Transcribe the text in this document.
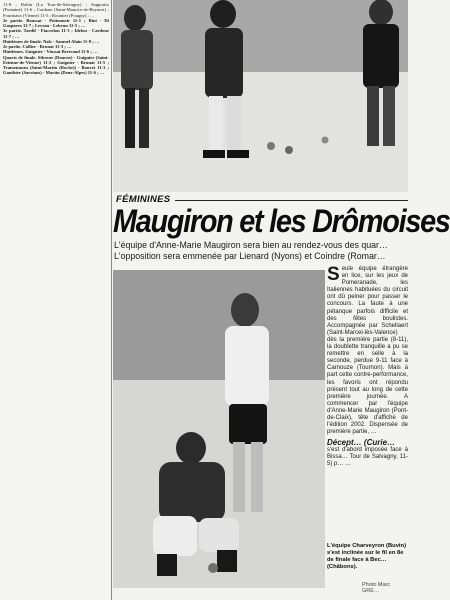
11-8 ; Robin (La Tour-de-Salvagny) ; Sapporito (Fontaine) 11-6 ; Cardone (Saint-Maurice-de-Beynost) ; Fourmaux (Vienne) 11-5 ; Roumier (Pougny) ; …

2e partie. Boussat - Poitouneir 11-1 ; Bini - Di Gasparro 11-7 ; Leveau - Lebrun 11-5 ; …

3e partie. Tardif - Fiacrolon 11-3 ; Idelon - Cardone 11-7 ; …

Huitièmes de finale. Nals - Samuel Alain 11-8 ; …

2e partie. Collier - Brunat 11-3 ; …

Huitièmes. Guignier - Viossat Bertrand 11-6 ; …

Quarts de finale. Sibrone (Dourne) - Guignier (Saint-Etienne-de-Vienne) 11-2 ; Guignier - Brunat 11-5 ; Tramenneau (Saint-Martin (Roche)) - Bouvet 11-3 ; Gauthier (Sarrians) - Martin (Deux-Alpes) 11-6 ; …

FÉMININES
Maugiron et les Drômoises

L'équipe d'Anne-Marie Maugiron sera bien au rendez-vous des quar…

L'opposition sera emmenée par Lienard (Nyons) et Coindre (Romar…

Seule équipe étrangère en lice, sur les jeux de Pomeranade, les Italiennes habituées du circuit ont dû peiner pour passer le concours. La faute à une pétanque parfois difficile et des fêtes boulistes. Accompagnée par Schellaert (Saint-Marcel-lès-Valence) dès la première partie (8-11), la doublette tranquille a pu se remettre en selle à la seconde, perdue 9-11 face à Carnouze (Tournon). Mais à part cette contre-performance, les favoris ont répondu présent tout au long de cette première journée. A commencer par l'équipe d'Anne-Marie Maugiron (Pont-de-Claix), tête d'affiche de l'édition 2002. Dispensée de première partie, …

Décept… (Curie…

s'est d'abord imposée face à Bissa… Tour de Salvagny, 11-5) p… …

L'équipe Charveyron (Buvin) s'est inclinée sur le fil en 8e de finale face à Bec… (Châbons).

Photo Marc GRE…
